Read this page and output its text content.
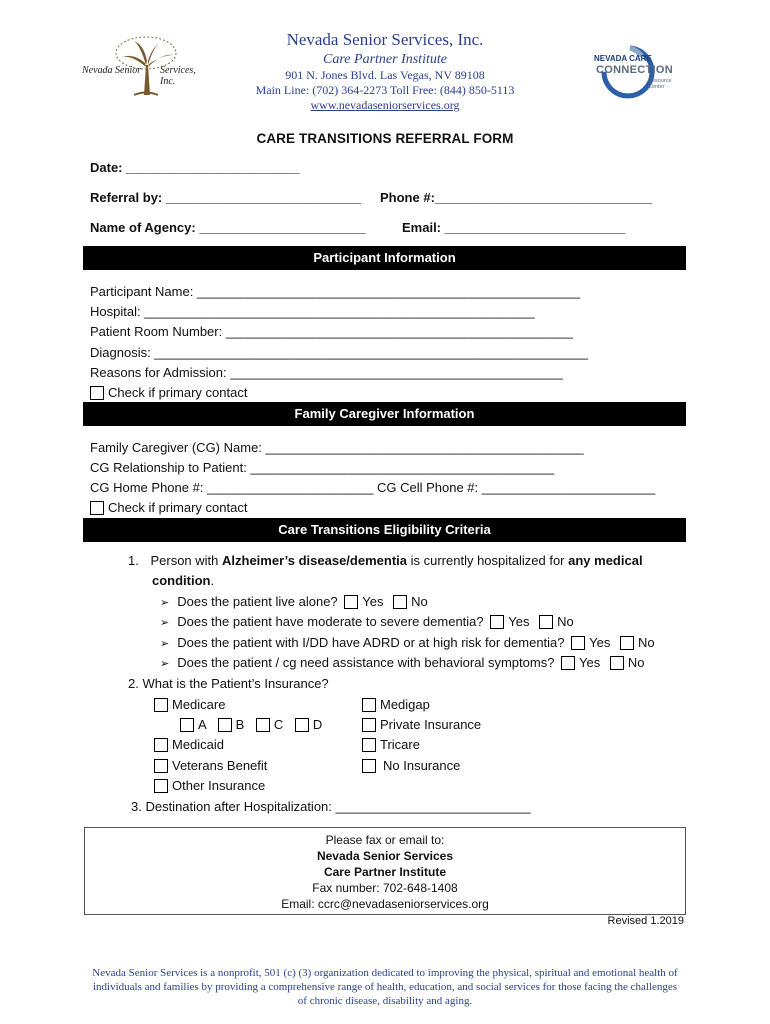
Nevada Senior Services, Inc.
Nevada Senior Services, Inc.
Care Partner Institute
901 N. Jones Blvd. Las Vegas, NV 89108
Main Line: (702) 364-2273 Toll Free: (844) 850-5113
www.nevadaseniorservices.org
NEVADA CARE
CONNECTION
Resource
Center
CARE TRANSITIONS REFERRAL FORM
Date: ________________________
Referral by: ___________________________ Phone #:______________________________
Name of Agency: _______________________	Email: _________________________
Participant Information
Participant Name: _____________________________________________________
Hospital: ______________________________________________________
Patient Room Number: ________________________________________________
Diagnosis: ____________________________________________________________
Reasons for Admission: ______________________________________________
Check if primary contact
Family Caregiver Information
Family Caregiver (CG) Name: ____________________________________________
CG Relationship to Patient: __________________________________________
CG Home Phone #: _______________________ CG Cell Phone #: ________________________
Check if primary contact
Care Transitions Eligibility Criteria
1. Person with Alzheimer’s disease/dementia is currently hospitalized for any medical
condition.
➢ Does the patient live alone? Yes No
➢ Does the patient have moderate to severe dementia? Yes No
➢ Does the patient with I/DD have ADRD or at high risk for dementia? Yes No
➢ Does the patient / cg need assistance with behavioral symptoms? Yes No
2. What is the Patient’s Insurance?
Medicare
A B C D
Medicaid
Veterans Benefit
Other Insurance
Medigap
Private Insurance
Tricare
No Insurance
3. Destination after Hospitalization: ___________________________
Please fax or email to:
Nevada Senior Services
Care Partner Institute
Fax number: 702-648-1408
Email: ccrc@nevadaseniorservices.org
Revised 1.2019
Nevada Senior Services is a nonprofit, 501 (c) (3) organization dedicated to improving the physical, spiritual and emotional health of individuals and families by providing a comprehensive range of health, education, and social services for those facing the challenges of chronic disease, disability and aging.
